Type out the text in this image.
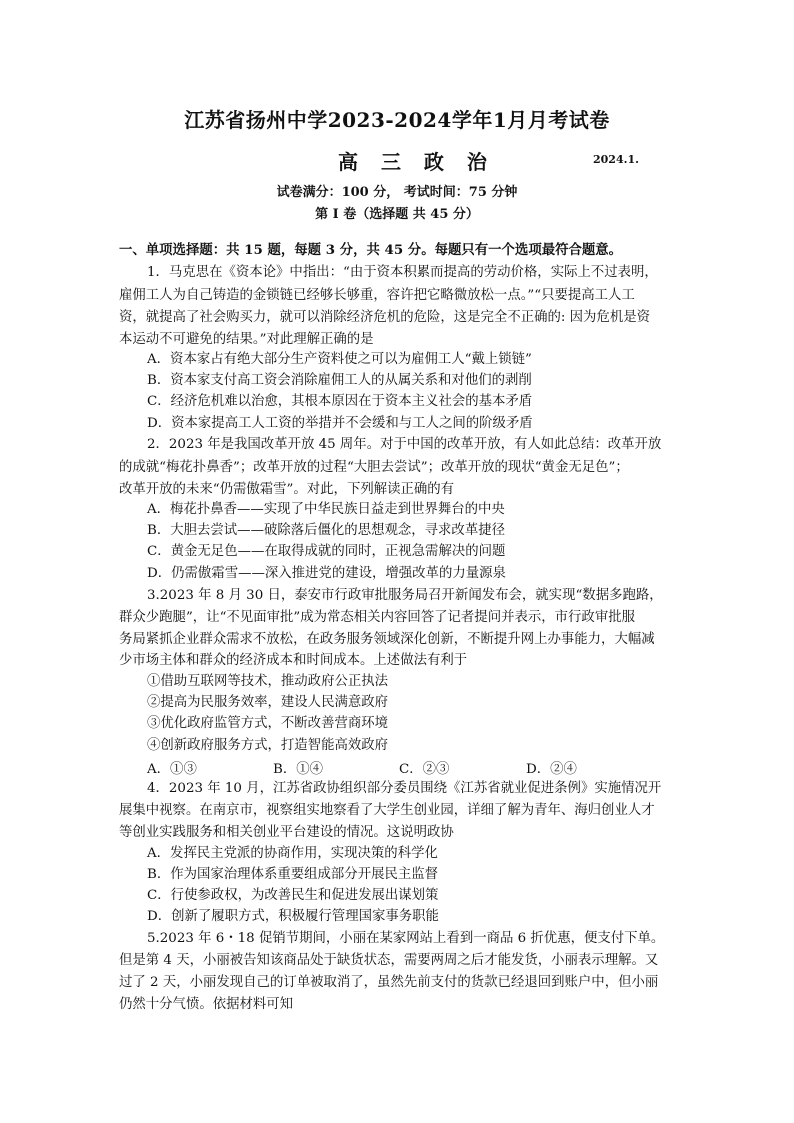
江苏省扬州中学2023-2024学年1月月考试卷
高 三 政 治	2024.1.
试卷满分：100 分， 考试时间：75 分钟
第 Ⅰ 卷（选择题 共 45 分）
一、单项选择题：共 15 题，每题 3 分，共 45 分。每题只有一个选项最符合题意。
1．马克思在《资本论》中指出：“由于资本积累而提高的劳动价格，实际上不过表明，
雇佣工人为自己铸造的金锁链已经够长够重，容许把它略微放松一点。”“只要提高工人工
资，就提高了社会购买力，就可以消除经济危机的危险，这是完全不正确的: 因为危机是资
本运动不可避免的结果。”对此理解正确的是
A．资本家占有绝大部分生产资料使之可以为雇佣工人“戴上锁链”
B．资本家支付高工资会消除雇佣工人的从属关系和对他们的剥削
C．经济危机难以治愈，其根本原因在于资本主义社会的基本矛盾
D．资本家提高工人工资的举措并不会缓和与工人之间的阶级矛盾
2．2023 年是我国改革开放 45 周年。对于中国的改革开放，有人如此总结：改革开放
的成就“梅花扑鼻香”；改革开放的过程“大胆去尝试”；改革开放的现状“黄金无足色”；
改革开放的未来“仍需傲霜雪”。对此，下列解读正确的有
A．梅花扑鼻香——实现了中华民族日益走到世界舞台的中央
B．大胆去尝试——破除落后僵化的思想观念，寻求改革捷径
C．黄金无足色——在取得成就的同时，正视急需解决的问题
D．仍需傲霜雪——深入推进党的建设，增强改革的力量源泉
3.2023 年 8 月 30 日，泰安市行政审批服务局召开新闻发布会，就实现“数据多跑路，
群众少跑腿”，让“不见面审批”成为常态相关内容回答了记者提问并表示，市行政审批服
务局紧抓企业群众需求不放松，在政务服务领域深化创新，不断提升网上办事能力，大幅减
少市场主体和群众的经济成本和时间成本。上述做法有利于
①借助互联网等技术，推动政府公正执法
②提高为民服务效率，建设人民满意政府
③优化政府监管方式，不断改善营商环境
④创新政府服务方式，打造智能高效政府
A．①③	B．①④	C．②③	D．②④
4．2023 年 10 月，江苏省政协组织部分委员围绕《江苏省就业促进条例》实施情况开
展集中视察。在南京市，视察组实地察看了大学生创业园，详细了解为青年、海归创业人才
等创业实践服务和相关创业平台建设的情况。这说明政协
A．发挥民主党派的协商作用，实现决策的科学化
B．作为国家治理体系重要组成部分开展民主监督
C．行使参政权，为改善民生和促进发展出谋划策
D．创新了履职方式，积极履行管理国家事务职能
5.2023 年 6・18 促销节期间，小丽在某家网站上看到一商品 6 折优惠，便支付下单。
但是第 4 天，小丽被告知该商品处于缺货状态，需要两周之后才能发货，小丽表示理解。又
过了 2 天，小丽发现自己的订单被取消了，虽然先前支付的货款已经退回到账户中，但小丽
仍然十分气愤。依据材料可知
